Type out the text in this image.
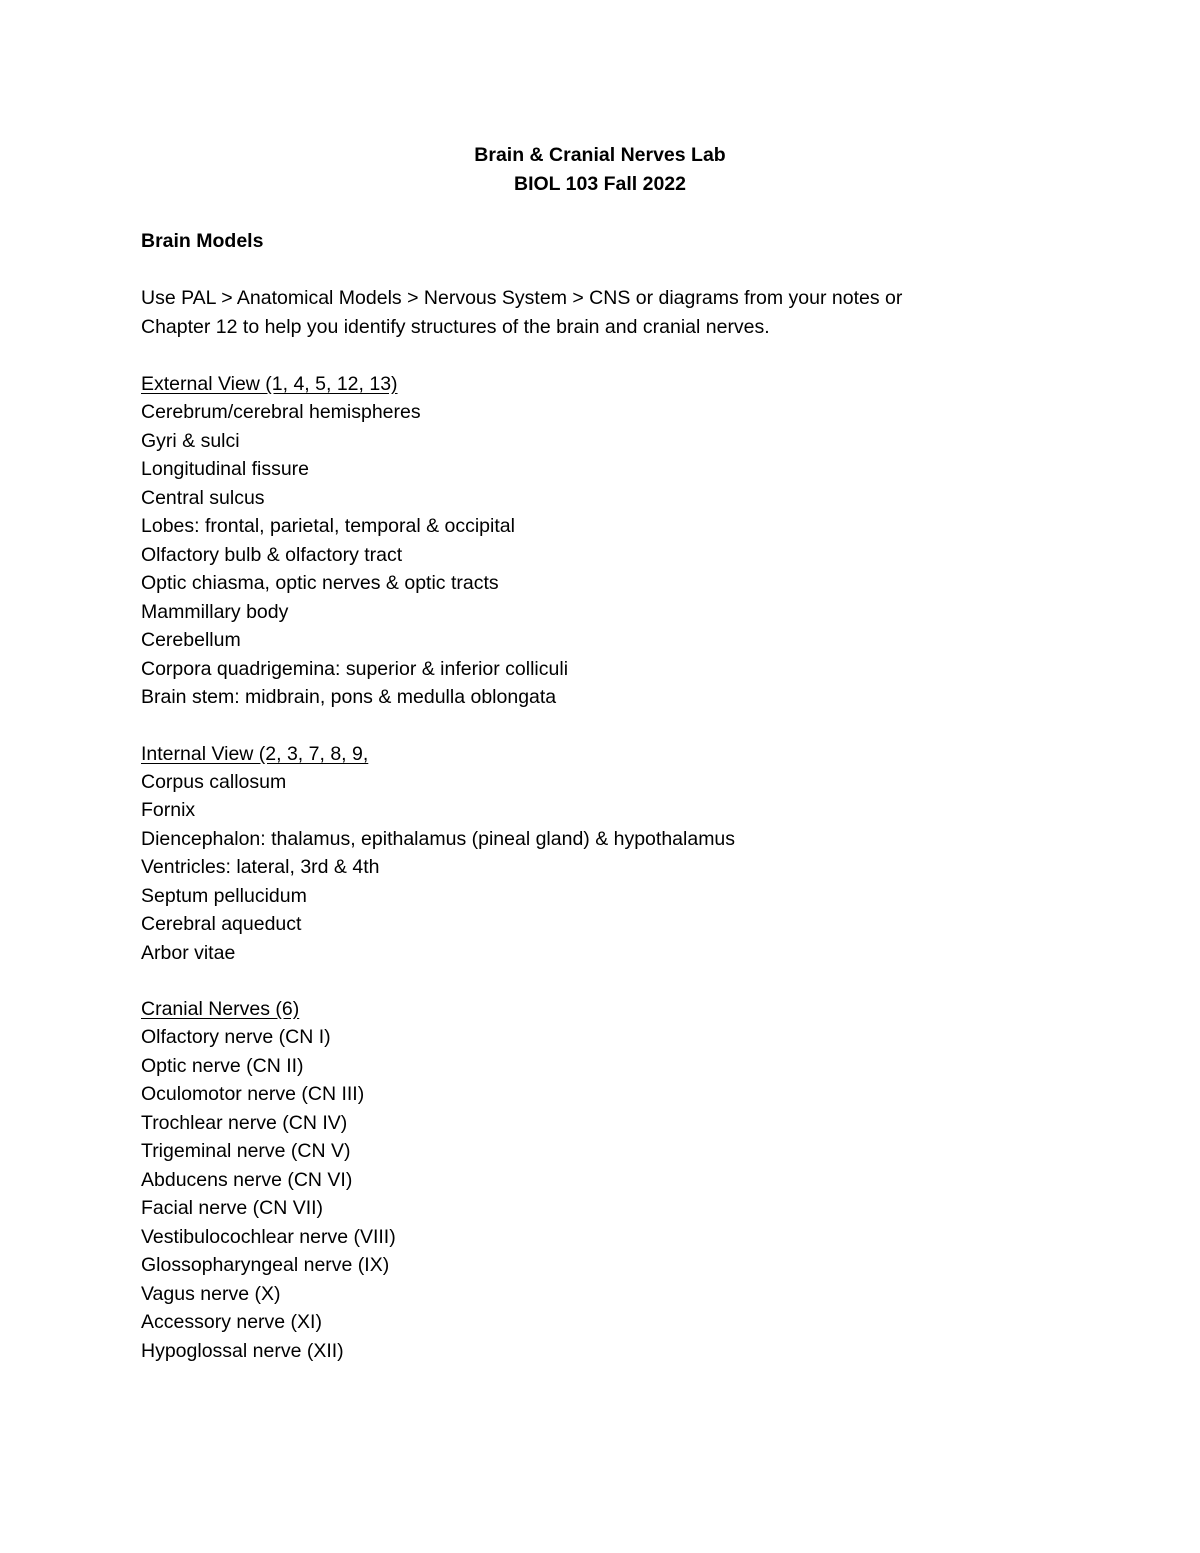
Brain & Cranial Nerves Lab
BIOL 103 Fall 2022
Brain Models
Use PAL > Anatomical Models > Nervous System > CNS or diagrams from your notes or
Chapter 12 to help you identify structures of the brain and cranial nerves.
External View (1, 4, 5, 12, 13)
Cerebrum/cerebral hemispheres
Gyri & sulci
Longitudinal fissure
Central sulcus
Lobes: frontal, parietal, temporal & occipital
Olfactory bulb & olfactory tract
Optic chiasma, optic nerves & optic tracts
Mammillary body
Cerebellum
Corpora quadrigemina: superior & inferior colliculi
Brain stem: midbrain, pons & medulla oblongata
Internal View (2, 3, 7, 8, 9,
Corpus callosum
Fornix
Diencephalon: thalamus, epithalamus (pineal gland) & hypothalamus
Ventricles: lateral, 3rd & 4th
Septum pellucidum
Cerebral aqueduct
Arbor vitae
Cranial Nerves (6)
Olfactory nerve (CN I)
Optic nerve (CN II)
Oculomotor nerve (CN III)
Trochlear nerve (CN IV)
Trigeminal nerve (CN V)
Abducens nerve (CN VI)
Facial nerve (CN VII)
Vestibulocochlear nerve (VIII)
Glossopharyngeal nerve (IX)
Vagus nerve (X)
Accessory nerve (XI)
Hypoglossal nerve (XII)
